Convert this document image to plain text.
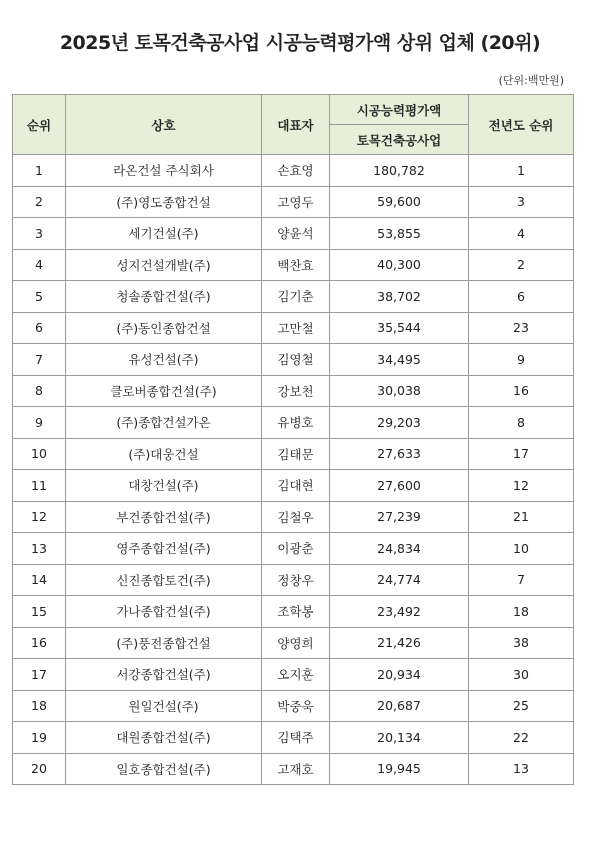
2025년 토목건축공사업 시공능력평가액 상위 업체 (20위)
(단위:백만원)
순위	상호	대표자	시공능력평가액	전년도 순위
			토목건축공사업	
1	라온건설 주식회사	손효영	180,782	1
2	(주)영도종합건설	고영두	59,600	3
3	세기건설(주)	양윤석	53,855	4
4	성지건설개발(주)	백찬효	40,300	2
5	청솔종합건설(주)	김기춘	38,702	6
6	(주)동인종합건설	고만철	35,544	23
7	유성건설(주)	김영철	34,495	9
8	클로버종합건설(주)	강보천	30,038	16
9	(주)종합건설가온	유병호	29,203	8
10	(주)대웅건설	김태문	27,633	17
11	대창건설(주)	김대현	27,600	12
12	부건종합건설(주)	김철우	27,239	21
13	영주종합건설(주)	이광춘	24,834	10
14	신진종합토건(주)	정창우	24,774	7
15	가나종합건설(주)	조학봉	23,492	18
16	(주)풍전종합건설	양영희	21,426	38
17	서강종합건설(주)	오지훈	20,934	30
18	원일건설(주)	박중욱	20,687	25
19	대원종합건설(주)	김택주	20,134	22
20	일호종합건설(주)	고재호	19,945	13
